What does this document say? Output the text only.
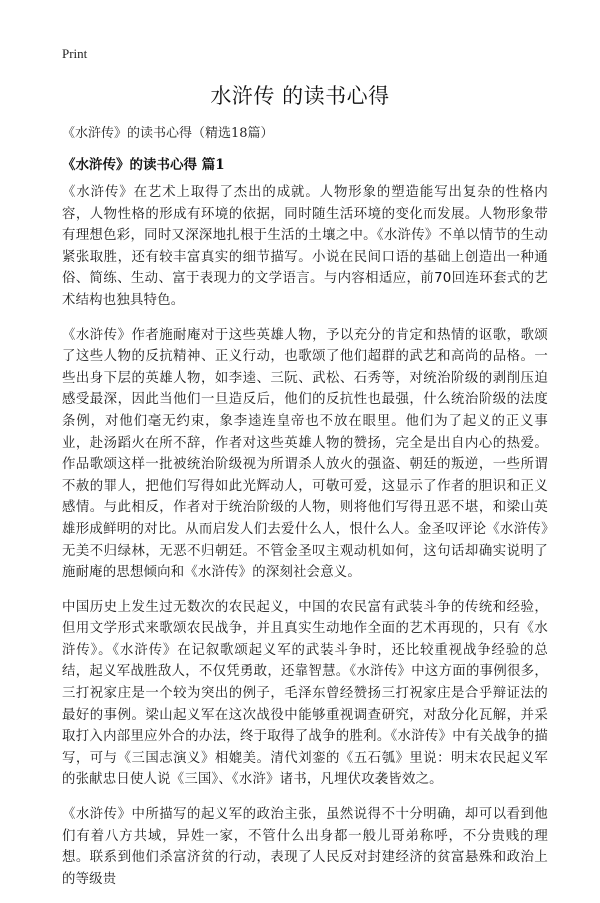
Print
水浒传 的读书心得
《水浒传》的读书心得（精选18篇）
《水浒传》的读书心得 篇1

《水浒传》在艺术上取得了杰出的成就。人物形象的塑造能写出复杂的性格内容，人物性格的形成有环境的依据，同时随生活环境的变化而发展。人物形象带有理想色彩，同时又深深地扎根于生活的土壤之中。《水浒传》不单以情节的生动紧张取胜，还有较丰富真实的细节描写。小说在民间口语的基础上创造出一种通俗、简练、生动、富于表现力的文学语言。与内容相适应，前70回连环套式的艺术结构也独具特色。

《水浒传》作者施耐庵对于这些英雄人物，予以充分的肯定和热情的讴歌，歌颂了这些人物的反抗精神、正义行动，也歌颂了他们超群的武艺和高尚的品格。一些出身下层的英雄人物，如李逵、三阮、武松、石秀等，对统治阶级的剥削压迫感受最深，因此当他们一旦造反后，他们的反抗性也最强，什么统治阶级的法度条例，对他们毫无约束，象李逵连皇帝也不放在眼里。他们为了起义的正义事业，赴汤蹈火在所不辞，作者对这些英雄人物的赞扬，完全是出自内心的热爱。作品歌颂这样一批被统治阶级视为所谓杀人放火的强盗、朝廷的叛逆，一些所谓不赦的罪人，把他们写得如此光辉动人，可敬可爱，这显示了作者的胆识和正义感情。与此相反，作者对于统治阶级的人物，则将他们写得丑恶不堪，和梁山英雄形成鲜明的对比。从而启发人们去爱什么人，恨什么人。金圣叹评论《水浒传》无美不归绿林，无恶不归朝廷。不管金圣叹主观动机如何，这句话却确实说明了施耐庵的思想倾向和《水浒传》的深刻社会意义。

中国历史上发生过无数次的农民起义，中国的农民富有武装斗争的传统和经验，但用文学形式来歌颂农民战争，并且真实生动地作全面的艺术再现的，只有《水浒传》。《水浒传》在记叙歌颂起义军的武装斗争时，还比较重视战争经验的总结，起义军战胜敌人，不仅凭勇敢，还靠智慧。《水浒传》中这方面的事例很多，三打祝家庄是一个较为突出的例子，毛泽东曾经赞扬三打祝家庄是合乎辩证法的最好的事例。梁山起义军在这次战役中能够重视调查研究，对敌分化瓦解，并采取打入内部里应外合的办法，终于取得了战争的胜利。《水浒传》中有关战争的描写，可与《三国志演义》相媲美。清代刘銮的《五石瓠》里说：明末农民起义军的张献忠日使人说《三国》、《水浒》诸书，凡埋伏攻袭皆效之。

《水浒传》中所描写的起义军的政治主张，虽然说得不十分明确，却可以看到他们有着八方共域，异姓一家，不管什么出身都一般儿哥弟称呼，不分贵贱的理想。联系到他们杀富济贫的行动，表现了人民反对封建经济的贫富悬殊和政治上的等级贵
